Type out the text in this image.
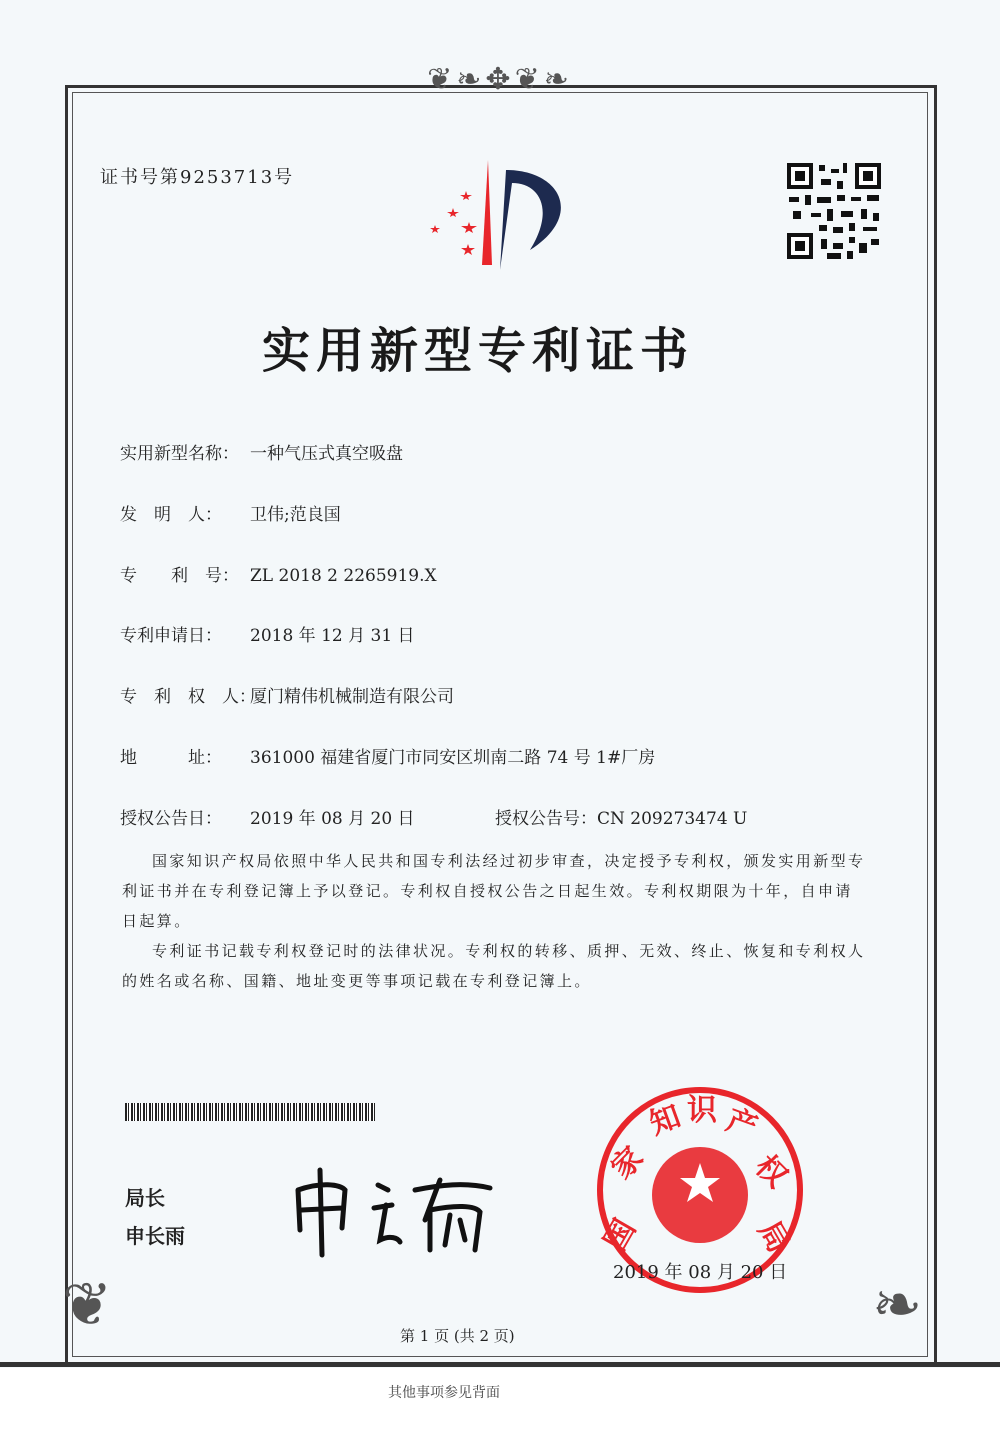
❦❧✥❦❧
❦	❧
证书号第9253713号
实用新型专利证书
实用新型名称： 一种气压式真空吸盘
发　明　人： 卫伟;范良国
专　　利　号： ZL 2018 2 2265919.X
专利申请日： 2018 年 12 月 31 日
专　利　权　人：厦门精伟机械制造有限公司
地　　　址： 361000 福建省厦门市同安区圳南二路 74 号 1#厂房
授权公告日： 2019 年 08 月 20 日	授权公告号：CN 209273474 U

国家知识产权局依照中华人民共和国专利法经过初步审查，决定授予专利权，颁发实用新型专利证书并在专利登记簿上予以登记。专利权自授权公告之日起生效。专利权期限为十年，自申请日起算。

专利证书记载专利权登记时的法律状况。专利权的转移、质押、无效、终止、恢复和专利权人的姓名或名称、国籍、地址变更等事项记载在专利登记簿上。

局长
申长雨	国
家
知 识 产
权
局
2019 年 08 月 20 日
第 1 页 (共 2 页)
其他事项参见背面
